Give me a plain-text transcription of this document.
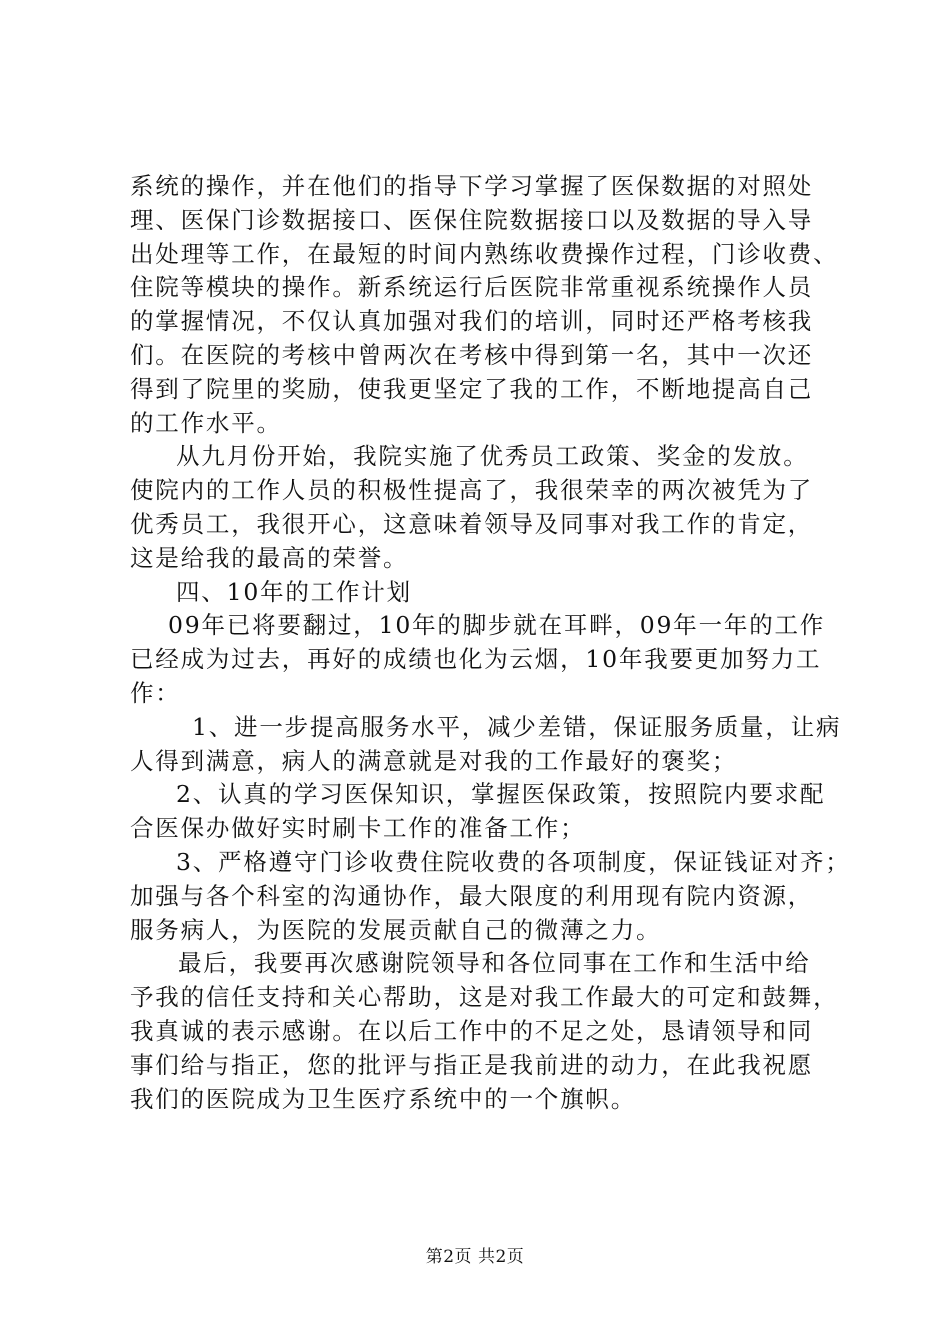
系统的操作，并在他们的指导下学习掌握了医保数据的对照处
理、医保门诊数据接口、医保住院数据接口以及数据的导入导
出处理等工作，在最短的时间内熟练收费操作过程，门诊收费、
住院等模块的操作。新系统运行后医院非常重视系统操作人员
的掌握情况，不仅认真加强对我们的培训，同时还严格考核我
们。在医院的考核中曾两次在考核中得到第一名，其中一次还
得到了院里的奖励，使我更坚定了我的工作，不断地提高自己
的工作水平。
从九月份开始，我院实施了优秀员工政策、奖金的发放。
使院内的工作人员的积极性提高了，我很荣幸的两次被凭为了
优秀员工，我很开心，这意味着领导及同事对我工作的肯定，
这是给我的最高的荣誉。
四、10年的工作计划
09年已将要翻过，10年的脚步就在耳畔，09年一年的工作
已经成为过去，再好的成绩也化为云烟，10年我要更加努力工
作：
1、进一步提高服务水平，减少差错，保证服务质量，让病
人得到满意，病人的满意就是对我的工作最好的褒奖；
2、认真的学习医保知识，掌握医保政策，按照院内要求配
合医保办做好实时刷卡工作的准备工作；
3、严格遵守门诊收费住院收费的各项制度，保证钱证对齐；
加强与各个科室的沟通协作，最大限度的利用现有院内资源，
服务病人，为医院的发展贡献自己的微薄之力。
最后，我要再次感谢院领导和各位同事在工作和生活中给
予我的信任支持和关心帮助，这是对我工作最大的可定和鼓舞，
我真诚的表示感谢。在以后工作中的不足之处，恳请领导和同
事们给与指正，您的批评与指正是我前进的动力，在此我祝愿
我们的医院成为卫生医疗系统中的一个旗帜。
第2页 共2页
